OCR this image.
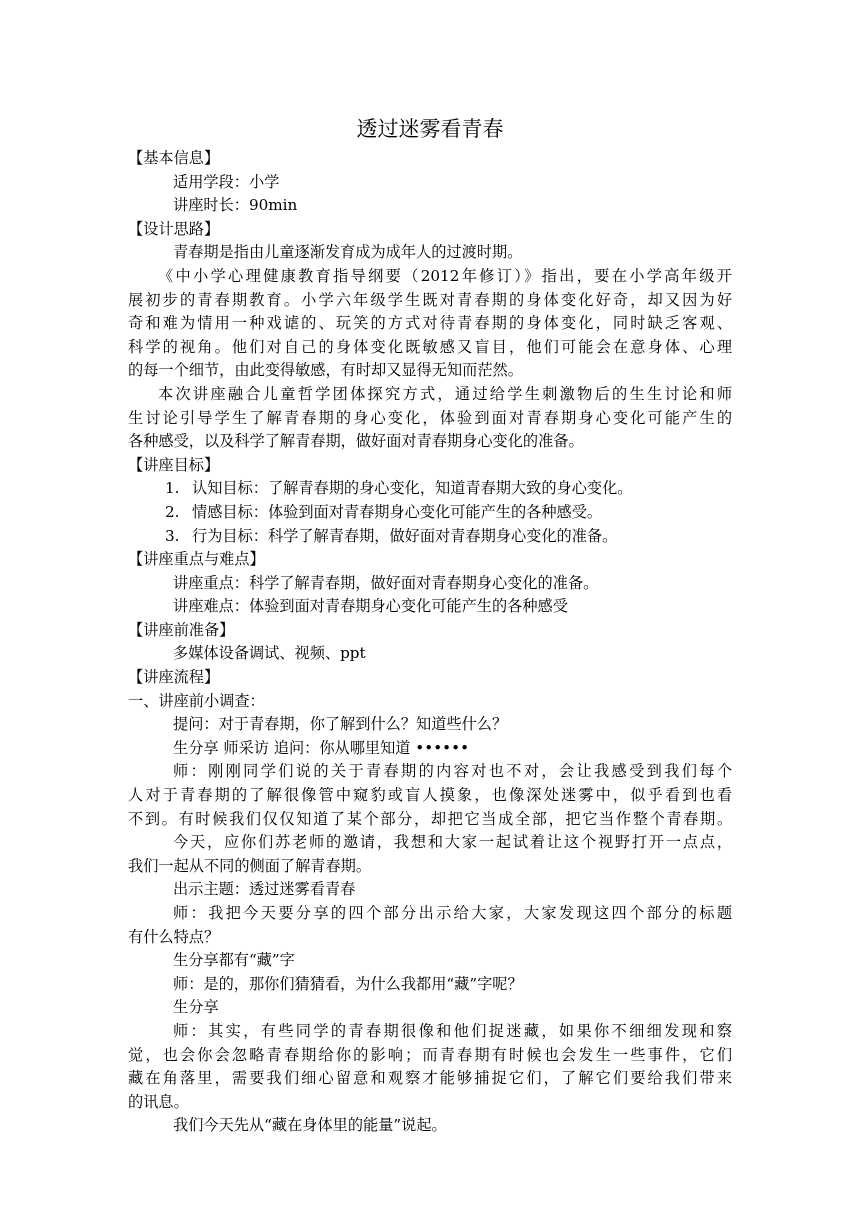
透过迷雾看青春
【基本信息】
适用学段：小学
讲座时长：90min
【设计思路】
青春期是指由儿童逐渐发育成为成年人的过渡时期。
《中小学心理健康教育指导纲要（2012年修订）》指出，要在小学高年级开
展初步的青春期教育。小学六年级学生既对青春期的身体变化好奇，却又因为好
奇和难为情用一种戏谑的、玩笑的方式对待青春期的身体变化，同时缺乏客观、
科学的视角。他们对自己的身体变化既敏感又盲目，他们可能会在意身体、心理
的每一个细节，由此变得敏感，有时却又显得无知而茫然。
本次讲座融合儿童哲学团体探究方式，通过给学生刺激物后的生生讨论和师
生讨论引导学生了解青春期的身心变化，体验到面对青春期身心变化可能产生的
各种感受，以及科学了解青春期，做好面对青春期身心变化的准备。
【讲座目标】
1. 认知目标：了解青春期的身心变化，知道青春期大致的身心变化。
2. 情感目标：体验到面对青春期身心变化可能产生的各种感受。
3. 行为目标：科学了解青春期，做好面对青春期身心变化的准备。
【讲座重点与难点】
讲座重点：科学了解青春期，做好面对青春期身心变化的准备。
讲座难点：体验到面对青春期身心变化可能产生的各种感受
【讲座前准备】
多媒体设备调试、视频、ppt
【讲座流程】
一、讲座前小调查：
提问：对于青春期，你了解到什么？知道些什么？
生分享 师采访 追问：你从哪里知道 ••••••
师：刚刚同学们说的关于青春期的内容对也不对，会让我感受到我们每个
人对于青春期的了解很像管中窥豹或盲人摸象，也像深处迷雾中，似乎看到也看
不到。有时候我们仅仅知道了某个部分，却把它当成全部，把它当作整个青春期。
今天，应你们苏老师的邀请，我想和大家一起试着让这个视野打开一点点，
我们一起从不同的侧面了解青春期。
出示主题：透过迷雾看青春
师：我把今天要分享的四个部分出示给大家，大家发现这四个部分的标题
有什么特点？
生分享都有“藏”字
师：是的，那你们猜猜看，为什么我都用“藏”字呢？
生分享
师：其实，有些同学的青春期很像和他们捉迷藏，如果你不细细发现和察
觉，也会你会忽略青春期给你的影响；而青春期有时候也会发生一些事件，它们
藏在角落里，需要我们细心留意和观察才能够捕捉它们，了解它们要给我们带来
的讯息。
我们今天先从“藏在身体里的能量”说起。
